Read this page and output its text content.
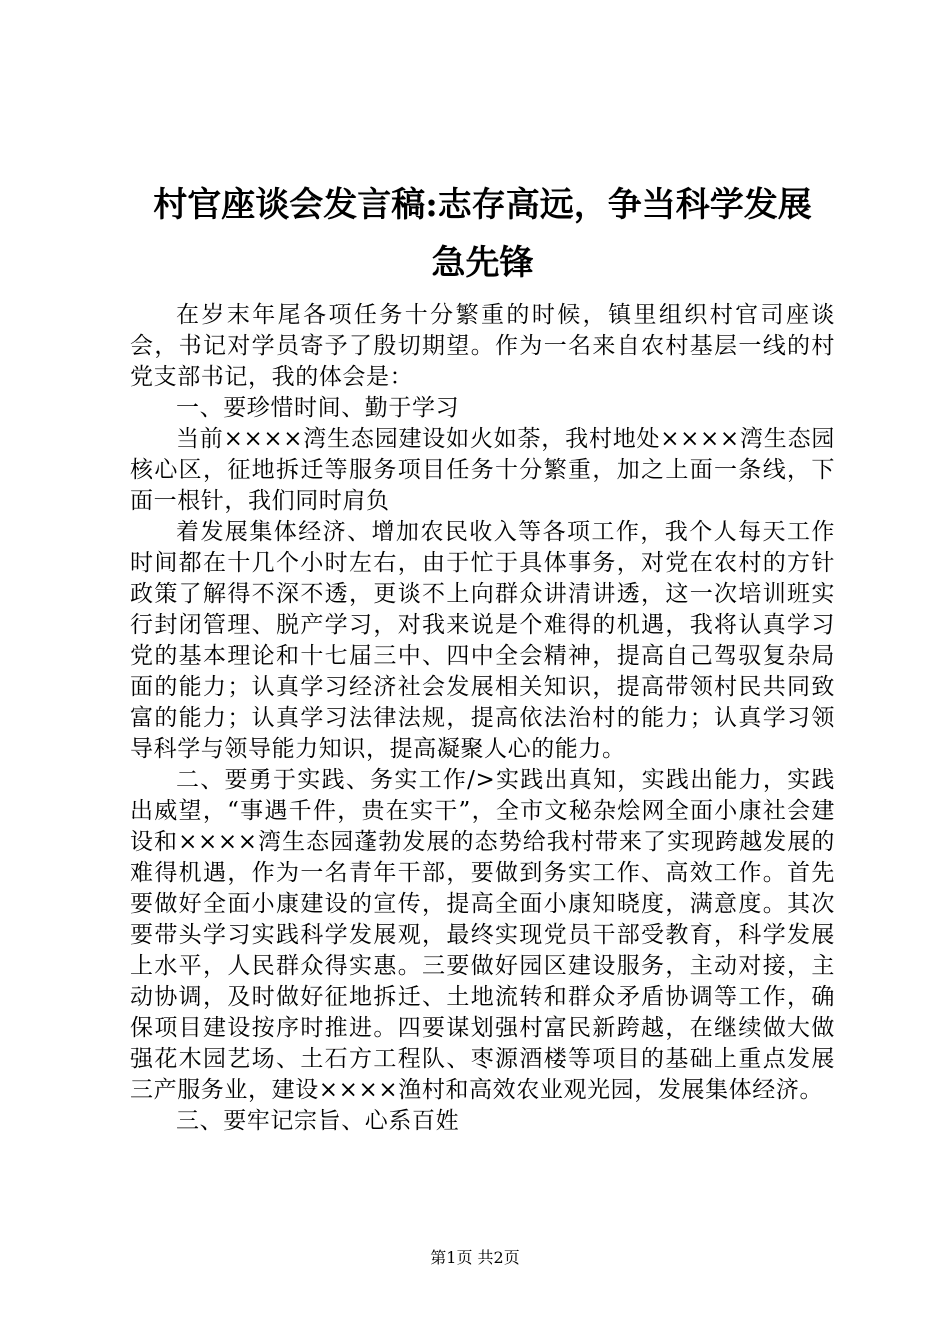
村官座谈会发言稿:志存高远，争当科学发展
急先锋

在岁末年尾各项任务十分繁重的时候，镇里组织村官司座谈会，书记对学员寄予了殷切期望。作为一名来自农村基层一线的村党支部书记，我的体会是：

一、要珍惜时间、勤于学习

当前××××湾生态园建设如火如荼，我村地处××××湾生态园核心区，征地拆迁等服务项目任务十分繁重，加之上面一条线，下面一根针，我们同时肩负

着发展集体经济、增加农民收入等各项工作，我个人每天工作时间都在十几个小时左右，由于忙于具体事务，对党在农村的方针政策了解得不深不透，更谈不上向群众讲清讲透，这一次培训班实行封闭管理、脱产学习，对我来说是个难得的机遇，我将认真学习党的基本理论和十七届三中、四中全会精神，提高自己驾驭复杂局面的能力；认真学习经济社会发展相关知识，提高带领村民共同致富的能力；认真学习法律法规，提高依法治村的能力；认真学习领导科学与领导能力知识，提高凝聚人心的能力。

二、要勇于实践、务实工作/>实践出真知，实践出能力，实践出威望，“事遇千件，贵在实干”，全市文秘杂烩网全面小康社会建设和××××湾生态园蓬勃发展的态势给我村带来了实现跨越发展的难得机遇，作为一名青年干部，要做到务实工作、高效工作。首先要做好全面小康建设的宣传，提高全面小康知晓度，满意度。其次要带头学习实践科学发展观，最终实现党员干部受教育，科学发展上水平，人民群众得实惠。三要做好园区建设服务，主动对接，主动协调，及时做好征地拆迁、土地流转和群众矛盾协调等工作，确保项目建设按序时推进。四要谋划强村富民新跨越，在继续做大做强花木园艺场、土石方工程队、枣源酒楼等项目的基础上重点发展三产服务业，建设××××渔村和高效农业观光园，发展集体经济。

三、要牢记宗旨、心系百姓

第1页 共2页
